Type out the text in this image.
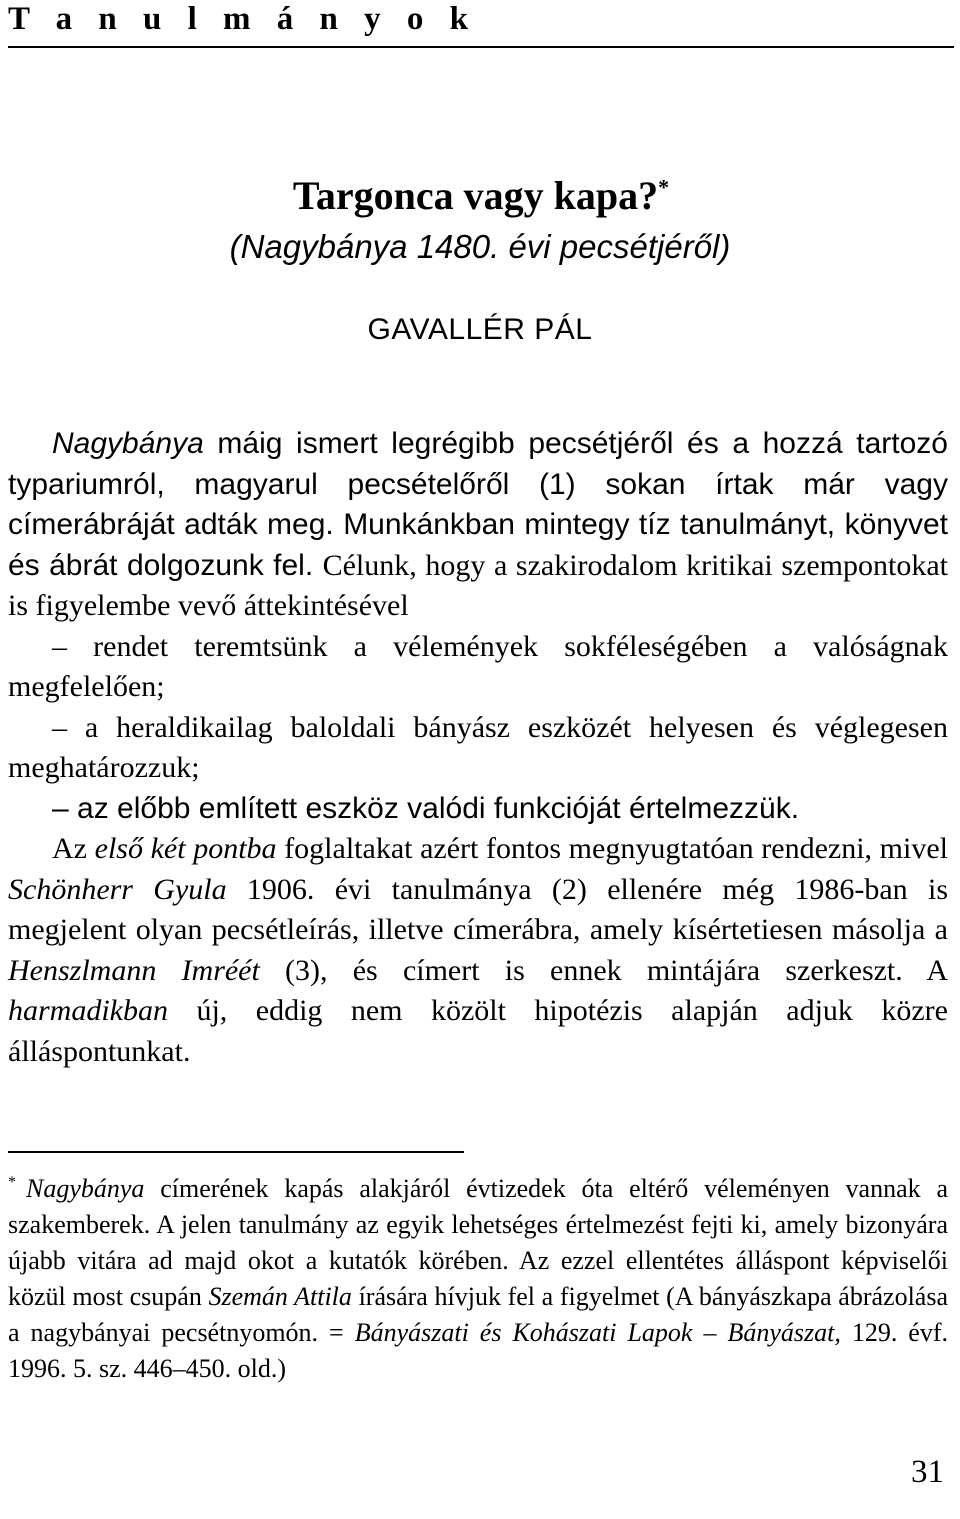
T a n u l m á n y o k
Targonca vagy kapa?*
(Nagybánya 1480. évi pecsétjéről)
GAVALLÉR PÁL

Nagybánya máig ismert legrégibb pecsétjéről és a hozzá tartozó typariumról, magyarul pecsételőről (1) sokan írtak már vagy címerábráját adták meg. Munkánkban mintegy tíz tanulmányt, könyvet és ábrát dolgozunk fel. Célunk, hogy a szakirodalom kritikai szempontokat is figyelembe vevő áttekintésével

– rendet teremtsünk a vélemények sokféleségében a valóságnak megfelelően;

– a heraldikailag baloldali bányász eszközét helyesen és véglegesen meghatározzuk;

– az előbb említett eszköz valódi funkcióját értelmezzük.

Az első két pontba foglaltakat azért fontos megnyugtatóan rendezni, mivel Schönherr Gyula 1906. évi tanulmánya (2) ellenére még 1986-ban is megjelent olyan pecsétleírás, illetve címerábra, amely kísértetiesen másolja a Henszlmann Imréét (3), és címert is ennek mintájára szerkeszt. A harmadikban új, eddig nem közölt hipotézis alapján adjuk közre álláspontunkat.

* Nagybánya címerének kapás alakjáról évtizedek óta eltérő véleményen vannak a szakemberek. A jelen tanulmány az egyik lehetséges értelmezést fejti ki, amely bizonyára újabb vitára ad majd okot a kutatók körében. Az ezzel ellentétes álláspont képviselői közül most csupán Szemán Attila írására hívjuk fel a figyelmet (A bányászkapa ábrázolása a nagybányai pecsétnyomón. = Bányászati és Kohászati Lapok – Bányászat, 129. évf. 1996. 5. sz. 446–450. old.)
31
